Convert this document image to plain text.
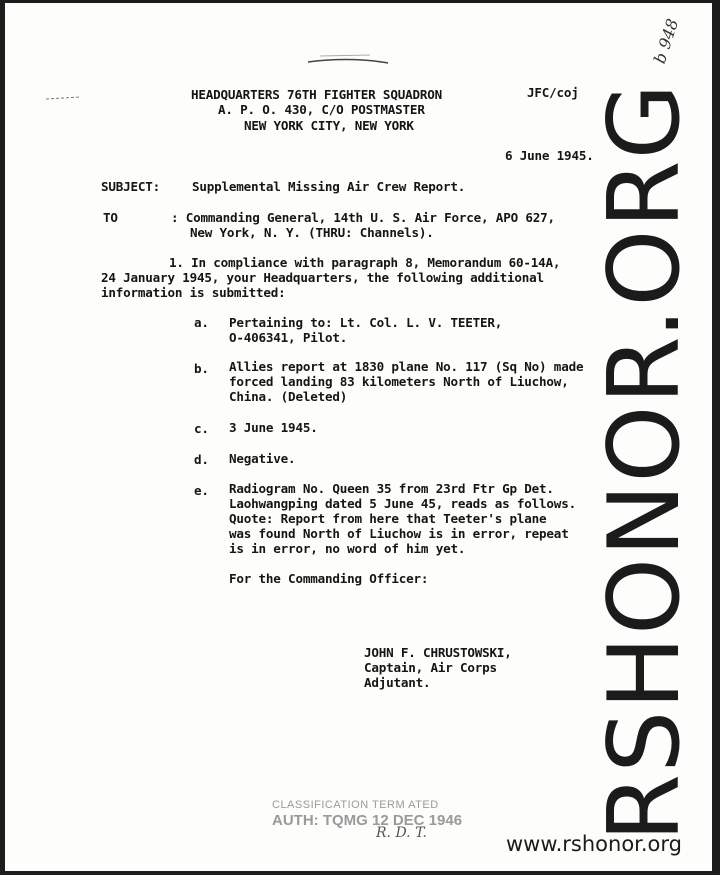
HEADQUARTERS 76TH FIGHTER SQUADRON	JFC/coj
A. P. O. 430, C/O POSTMASTER
NEW YORK CITY, NEW YORK
b 948
6 June 1945.
SUBJECT:	Supplemental Missing Air Crew Report.
TO	: Commanding General, 14th U. S. Air Force, APO 627,
New York, N. Y. (THRU: Channels).
1. In compliance with paragraph 8, Memorandum 60-14A,
24 January 1945, your Headquarters, the following additional
information is submitted:
a. Pertaining to: Lt. Col. L. V. TEETER,
O-406341, Pilot.
b. Allies report at 1830 plane No. 117 (Sq No) made
forced landing 83 kilometers North of Liuchow,
China. (Deleted)
c. 3 June 1945.
d. Negative.
e. Radiogram No. Queen 35 from 23rd Ftr Gp Det.
Laohwangping dated 5 June 45, reads as follows.
Quote: Report from here that Teeter's plane
was found North of Liuchow is in error, repeat
is in error, no word of him yet.
For the Commanding Officer:
JOHN F. CHRUSTOWSKI,
Captain, Air Corps
Adjutant.
CLASSIFICATION TERM ATED
AUTH: TQMG 12 DEC 1946
R. D. T. RSHONOR.ORG
www.rshonor.org
